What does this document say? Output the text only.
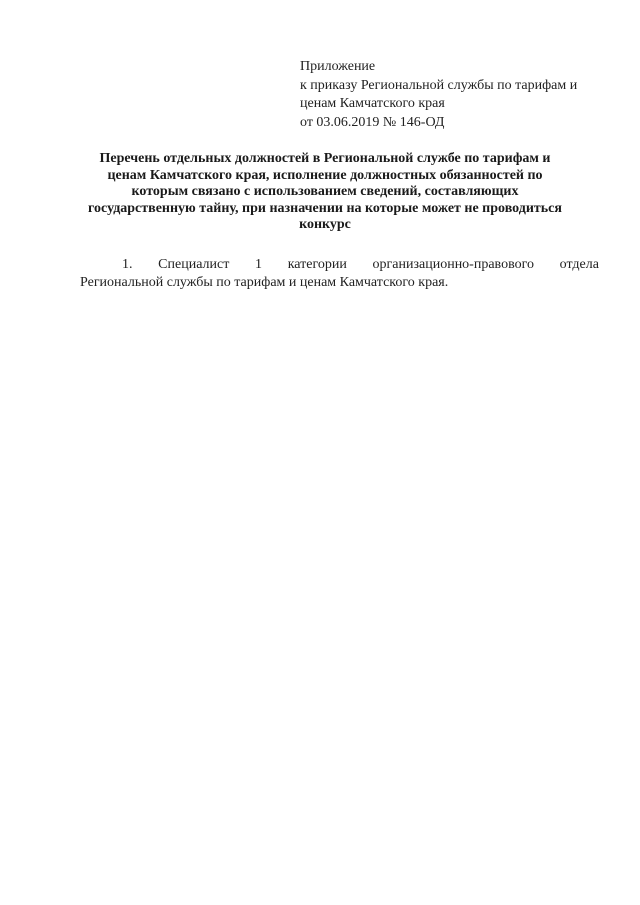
Приложение
к приказу Региональной службы по тарифам и
ценам Камчатского края
от 03.06.2019 № 146-ОД
Перечень отдельных должностей в Региональной службе по тарифам и
ценам Камчатского края, исполнение должностных обязанностей по
которым связано с использованием сведений, составляющих
государственную тайну, при назначении на которые может не проводиться
конкурс
1. Специалист 1 категории организационно-правового отдела
Региональной службы по тарифам и ценам Камчатского края.
